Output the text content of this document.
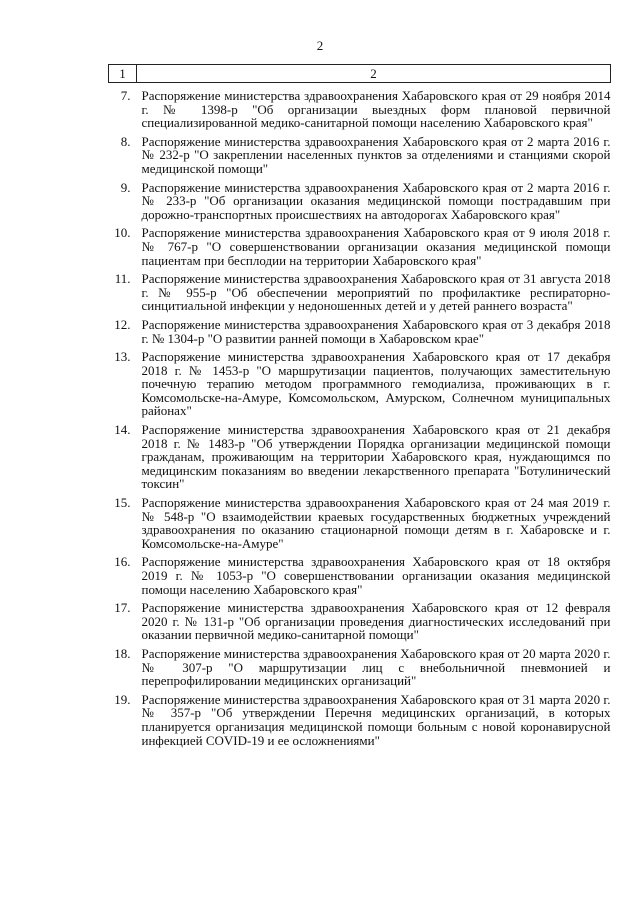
2
1	2
7.	Распоряжение министерства здравоохранения Хабаровского края от 29 ноября 2014 г. № 1398-р "Об организации выездных форм плановой первичной специализированной медико-санитарной помощи населению Хабаровского края"
8.	Распоряжение министерства здравоохранения Хабаровского края от 2 марта 2016 г. № 232-р "О закреплении населенных пунктов за отделениями и станциями скорой медицинской помощи"
9.	Распоряжение министерства здравоохранения Хабаровского края от 2 марта 2016 г. № 233-р "Об организации оказания медицинской помощи пострадавшим при дорожно-транспортных происшествиях на автодорогах Хабаровского края"
10.	Распоряжение министерства здравоохранения Хабаровского края от 9 июля 2018 г. № 767-р "О совершенствовании организации оказания медицинской помощи пациентам при бесплодии на территории Хабаровского края"
11.	Распоряжение министерства здравоохранения Хабаровского края от 31 августа 2018 г. № 955-р "Об обеспечении мероприятий по профилактике респираторно-синцитиальной инфекции у недоношенных детей и у детей раннего возраста"
12.	Распоряжение министерства здравоохранения Хабаровского края от 3 декабря 2018 г. № 1304-р "О развитии ранней помощи в Хабаровском крае"
13.	Распоряжение министерства здравоохранения Хабаровского края от 17 декабря 2018 г. № 1453-р "О маршрутизации пациентов, получающих заместительную почечную терапию методом программного гемодиализа, проживающих в г. Комсомольске-на-Амуре, Комсомольском, Амурском, Солнечном муниципальных районах"
14.	Распоряжение министерства здравоохранения Хабаровского края от 21 декабря 2018 г. № 1483-р "Об утверждении Порядка организации медицинской помощи гражданам, проживающим на территории Хабаровского края, нуждающимся по медицинским показаниям во введении лекарственного препарата "Ботулинический токсин"
15.	Распоряжение министерства здравоохранения Хабаровского края от 24 мая 2019 г. № 548-р "О взаимодействии краевых государственных бюджетных учреждений здравоохранения по оказанию стационарной помощи детям в г. Хабаровске и г. Комсомольске-на-Амуре"
16.	Распоряжение министерства здравоохранения Хабаровского края от 18 октября 2019 г. № 1053-р "О совершенствовании организации оказания медицинской помощи населению Хабаровского края"
17.	Распоряжение министерства здравоохранения Хабаровского края от 12 февраля 2020 г. № 131-р "Об организации проведения диагностических исследований при оказании первичной медико-санитарной помощи"
18.	Распоряжение министерства здравоохранения Хабаровского края от 20 марта 2020 г. № 307-р "О маршрутизации лиц с внебольничной пневмонией и перепрофилировании медицинских организаций"
19.	Распоряжение министерства здравоохранения Хабаровского края от 31 марта 2020 г. № 357-р "Об утверждении Перечня медицинских организаций, в которых планируется организация медицинской помощи больным с новой коронавирусной инфекцией COVID-19 и ее осложнениями"
